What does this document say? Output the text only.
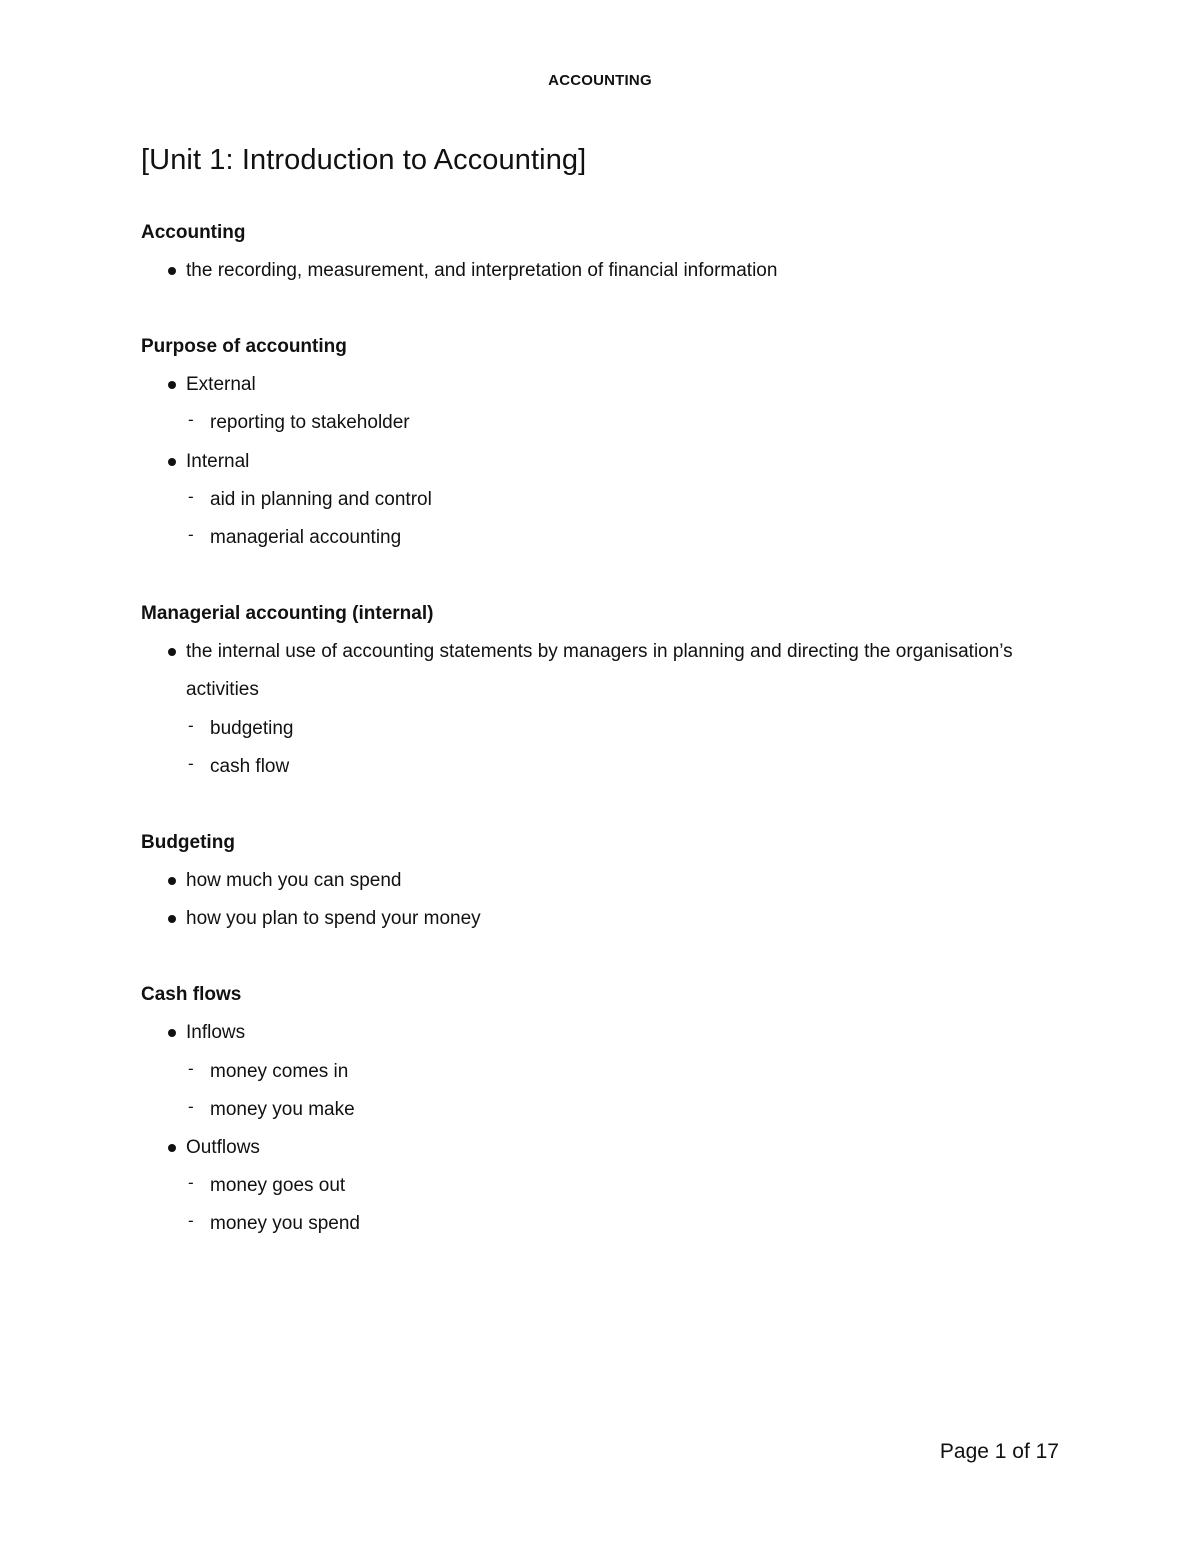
ACCOUNTING
[Unit 1: Introduction to Accounting]
Accounting
the recording, measurement, and interpretation of financial information
Purpose of accounting
External
- reporting to stakeholder
Internal
- aid in planning and control
- managerial accounting
Managerial accounting (internal)
the internal use of accounting statements by managers in planning and directing the organisation’s activities
- budgeting
- cash flow
Budgeting
how much you can spend
how you plan to spend your money
Cash flows
Inflows
- money comes in
- money you make
Outflows
- money goes out
- money you spend
Page 1 of 17
